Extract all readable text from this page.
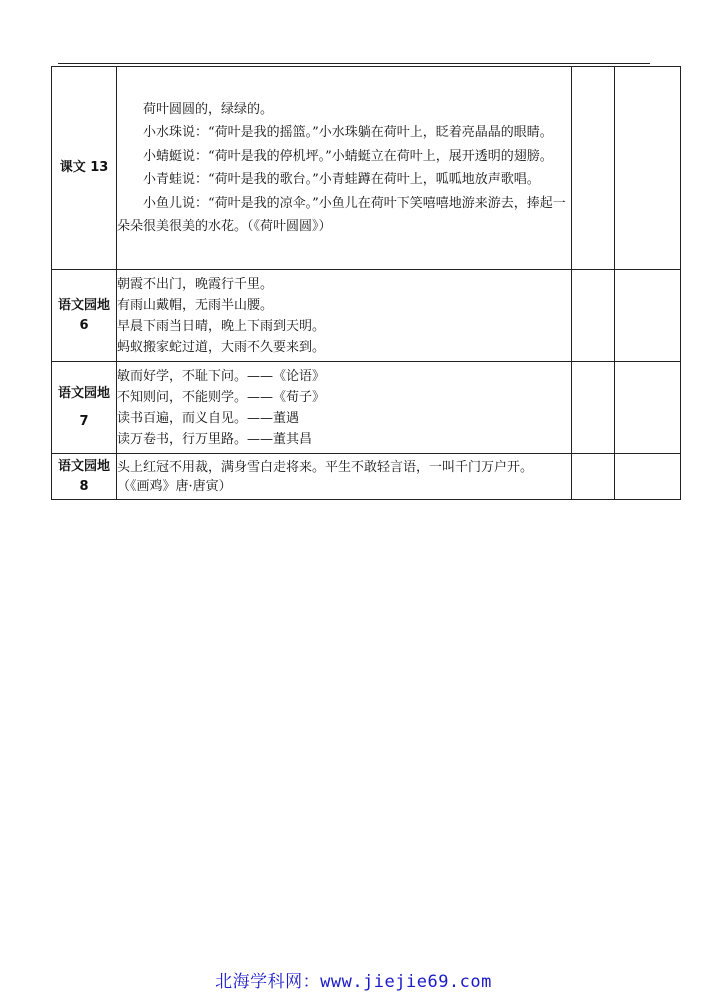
课文 13	荷叶圆圆的，绿绿的。
小水珠说：“荷叶是我的摇篮。”小水珠躺在荷叶上，眨着亮晶晶的眼睛。
小蜻蜓说：“荷叶是我的停机坪。”小蜻蜓立在荷叶上，展开透明的翅膀。
小青蛙说：“荷叶是我的歌台。”小青蛙蹲在荷叶上，呱呱地放声歌唱。
小鱼儿说：“荷叶是我的凉伞。”小鱼儿在荷叶下笑嘻嘻地游来游去，捧起一朵朵很美很美的水花。（《荷叶圆圆》）		

语文园地 6	朝霞不出门，晚霞行千里。
有雨山戴帽，无雨半山腰。
早晨下雨当日晴，晚上下雨到天明。
蚂蚁搬家蛇过道，大雨不久要来到。		

语文园地 7	敏而好学，不耻下问。——《论语》
不知则问，不能则学。——《荀子》
读书百遍，而义自见。——董遇
读万卷书，行万里路。——董其昌		

语文园地 8	头上红冠不用裁，满身雪白走将来。平生不敢轻言语，一叫千门万户开。
（《画鸡》唐·唐寅）		

北海学科网：www.jiejie69.com
